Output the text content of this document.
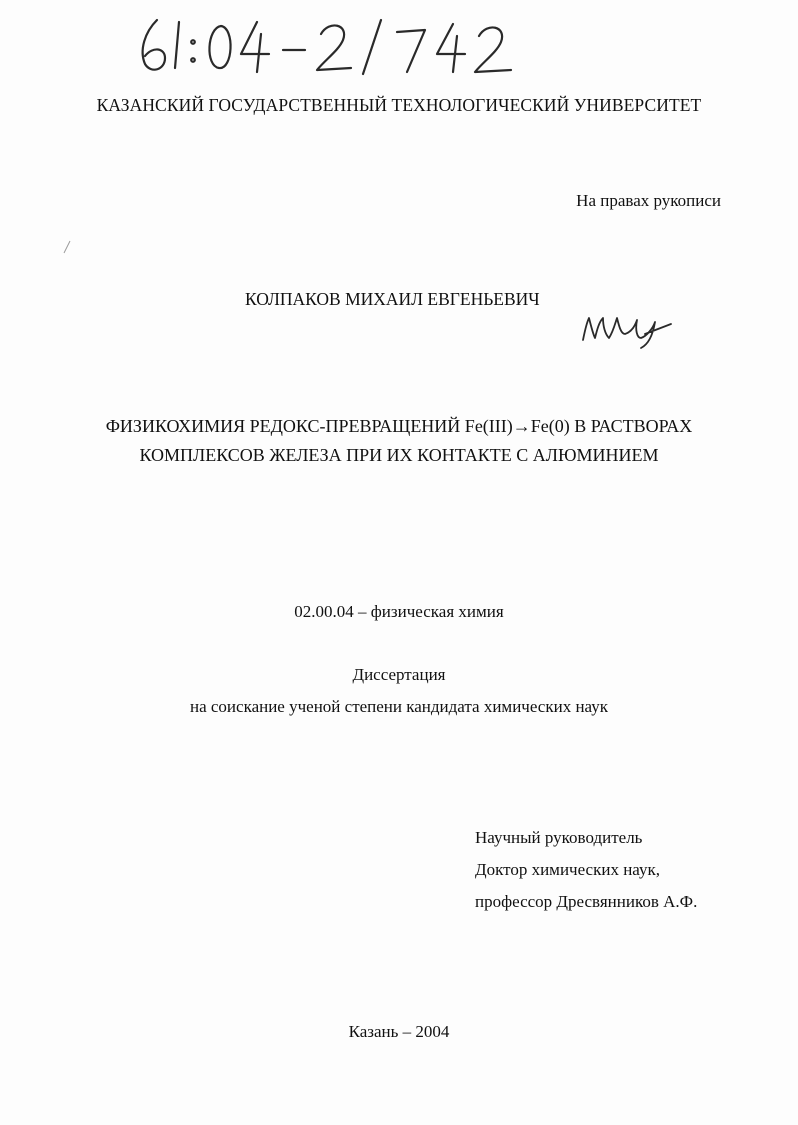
КАЗАНСКИЙ ГОСУДАРСТВЕННЫЙ ТЕХНОЛОГИЧЕСКИЙ УНИВЕРСИТЕТ
На правах рукописи
КОЛПАКОВ МИХАИЛ ЕВГЕНЬЕВИЧ
ФИЗИКОХИМИЯ РЕДОКС-ПРЕВРАЩЕНИЙ Fe(III)→Fe(0) В РАСТВОРАХ
КОМПЛЕКСОВ ЖЕЛЕЗА ПРИ ИХ КОНТАКТЕ С АЛЮМИНИЕМ
02.00.04 – физическая химия
Диссертация
на соискание ученой степени кандидата химических наук
Научный руководитель
Доктор химических наук,
профессор Дресвянников А.Ф.
Казань – 2004
